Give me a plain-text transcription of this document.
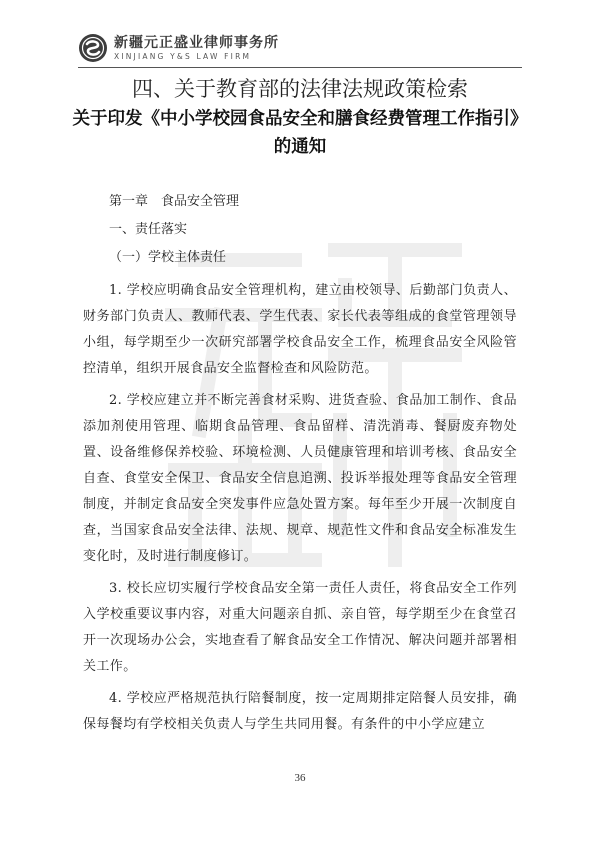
新疆元正盛业律师事务所
XINJIANG Y&S LAW FIRM
四、关于教育部的法律法规政策检索
关于印发《中小学校园食品安全和膳食经费管理工作指引》的通知

第一章　食品安全管理

一、责任落实

（一）学校主体责任

1. 学校应明确食品安全管理机构，建立由校领导、后勤部门负责人、财务部门负责人、教师代表、学生代表、家长代表等组成的食堂管理领导小组，每学期至少一次研究部署学校食品安全工作，梳理食品安全风险管控清单，组织开展食品安全监督检查和风险防范。

2. 学校应建立并不断完善食材采购、进货查验、食品加工制作、食品添加剂使用管理、临期食品管理、食品留样、清洗消毒、餐厨废弃物处置、设备维修保养校验、环境检测、人员健康管理和培训考核、食品安全自查、食堂安全保卫、食品安全信息追溯、投诉举报处理等食品安全管理制度，并制定食品安全突发事件应急处置方案。每年至少开展一次制度自查，当国家食品安全法律、法规、规章、规范性文件和食品安全标准发生变化时，及时进行制度修订。

3. 校长应切实履行学校食品安全第一责任人责任，将食品安全工作列入学校重要议事内容，对重大问题亲自抓、亲自管，每学期至少在食堂召开一次现场办公会，实地查看了解食品安全工作情况、解决问题并部署相关工作。

4. 学校应严格规范执行陪餐制度，按一定周期排定陪餐人员安排，确保每餐均有学校相关负责人与学生共同用餐。有条件的中小学应建立

36
